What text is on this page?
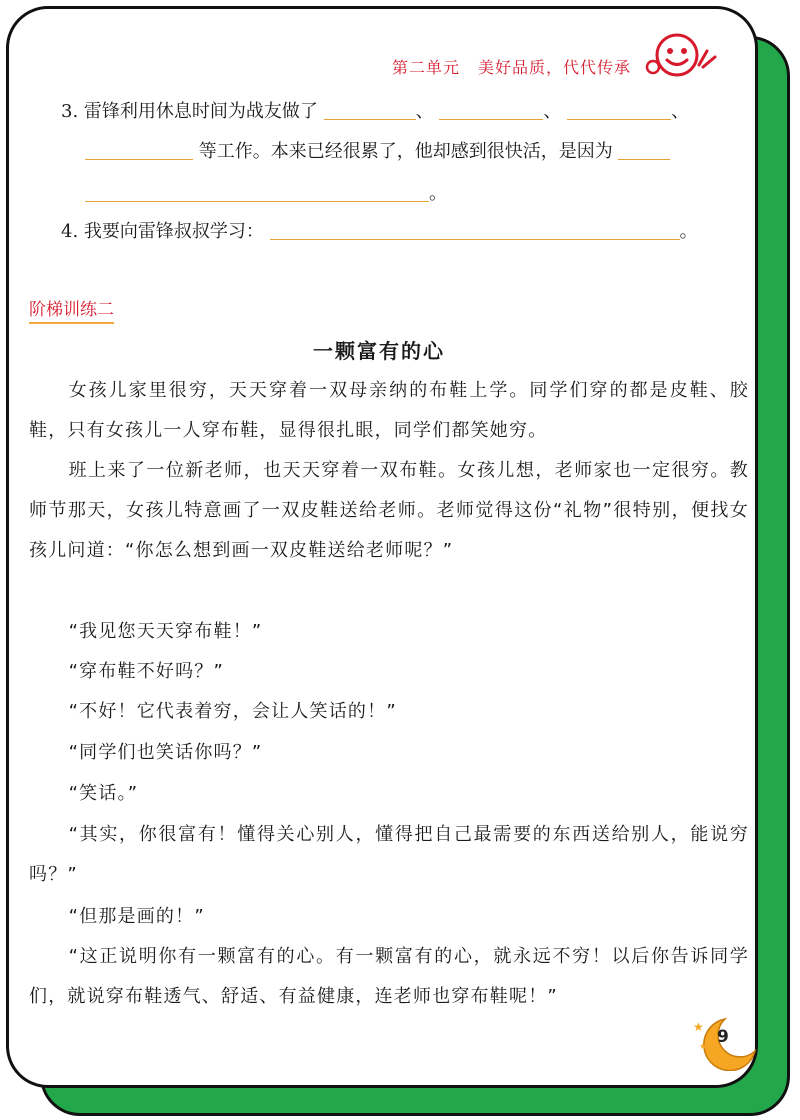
第二单元 美好品质，代代传承
3. 雷锋利用休息时间为战友做了	、	、	、
等工作。本来已经很累了，他却感到很快活，是因为
。
4. 我要向雷锋叔叔学习：	。
阶梯训练二
一颗富有的心
女孩儿家里很穷，天天穿着一双母亲纳的布鞋上学。同学们穿的都是皮鞋、胶鞋，只有女孩儿一人穿布鞋，显得很扎眼，同学们都笑她穷。
班上来了一位新老师，也天天穿着一双布鞋。女孩儿想，老师家也一定很穷。教师节那天，女孩儿特意画了一双皮鞋送给老师。老师觉得这份“礼物”很特别，便找女孩儿问道：“你怎么想到画一双皮鞋送给老师呢？”
“我见您天天穿布鞋！”
“穿布鞋不好吗？”
“不好！它代表着穷，会让人笑话的！”
“同学们也笑话你吗？”
“笑话。”
“其实，你很富有！懂得关心别人，懂得把自己最需要的东西送给别人，能说穷吗？”
“但那是画的！”
“这正说明你有一颗富有的心。有一颗富有的心，就永远不穷！以后你告诉同学们，就说穿布鞋透气、舒适、有益健康，连老师也穿布鞋呢！”
★
★ 9
